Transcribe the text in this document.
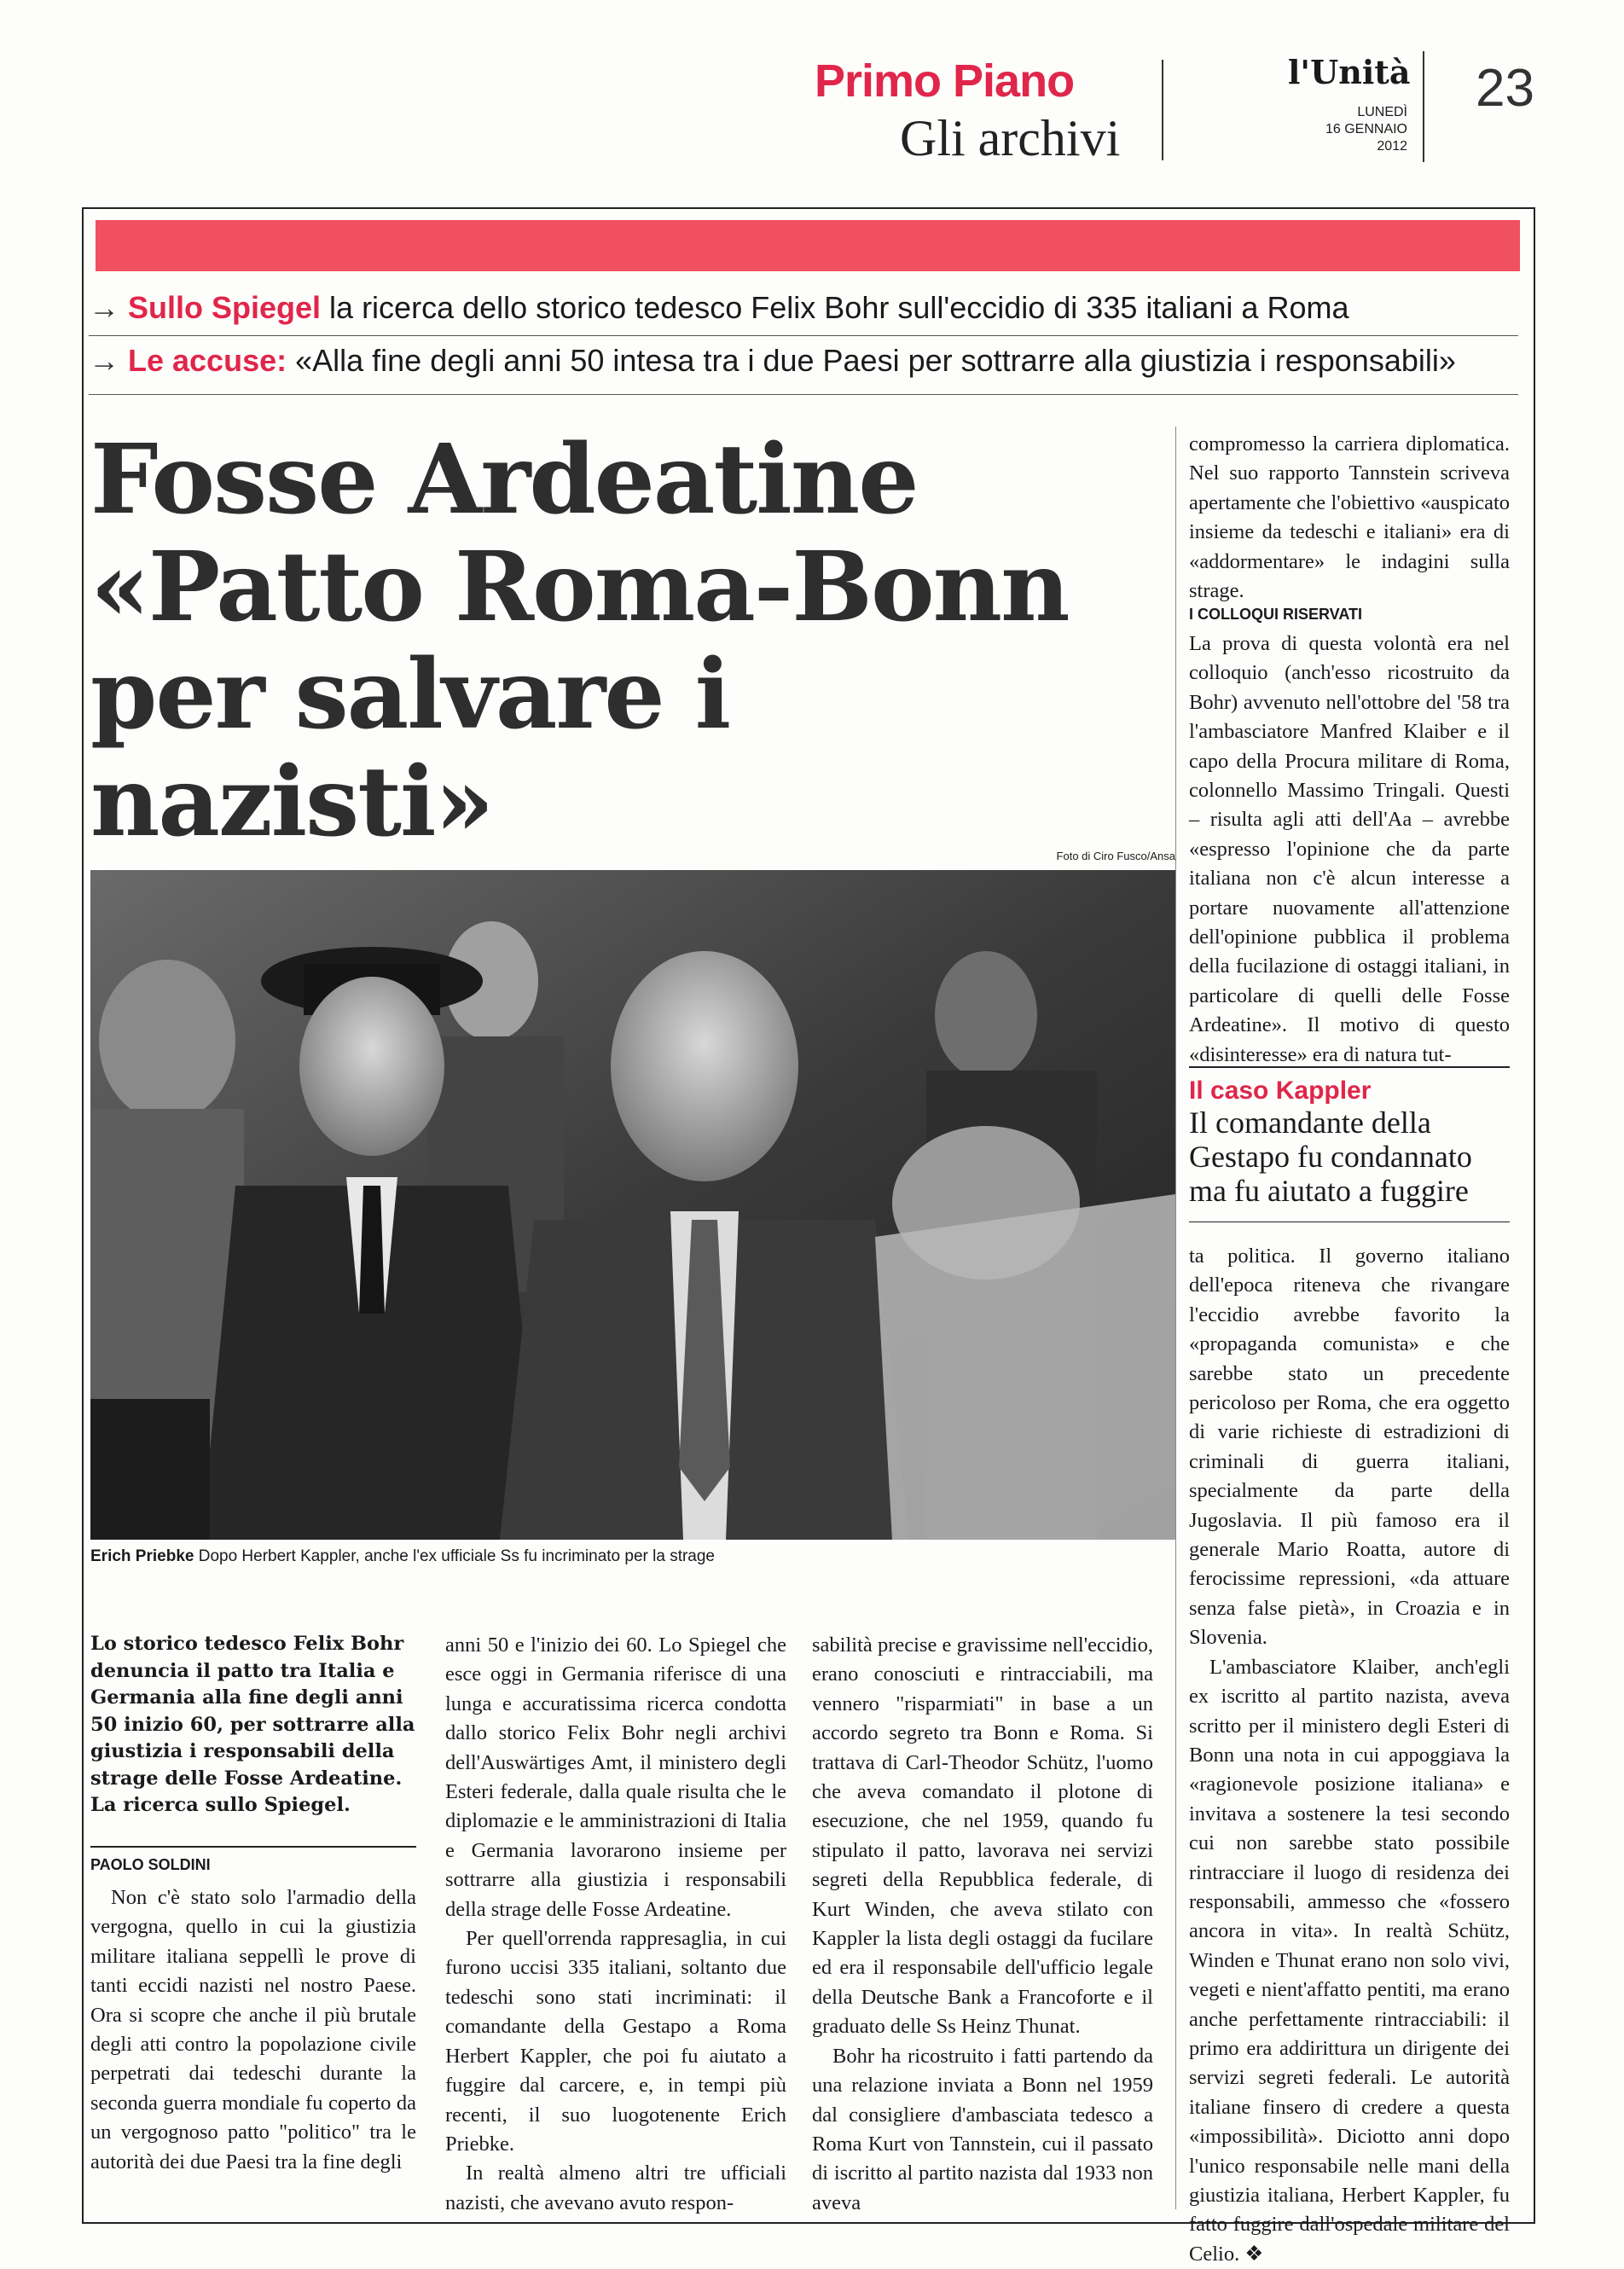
Primo Piano
Gli archivi
l'Unità
LUNEDÌ
16 GENNAIO
2012
23
→ Sullo Spiegel la ricerca dello storico tedesco Felix Bohr sull'eccidio di 335 italiani a Roma
→ Le accuse: «Alla fine degli anni 50 intesa tra i due Paesi per sottrarre alla giustizia i responsabili»
Fosse Ardeatine
«Patto Roma-Bonn
per salvare i nazisti»	Foto di Ciro Fusco/Ansa
Erich Priebke Dopo Herbert Kappler, anche l'ex ufficiale Ss fu incriminato per la strage
Lo storico tedesco Felix Bohr denuncia il patto tra Italia e Germania alla fine degli anni 50 inizio 60, per sottrarre alla giustizia i responsabili della strage delle Fosse Ardeatine. La ricerca sullo Spiegel.
PAOLO SOLDINI

Non c'è stato solo l'armadio della vergogna, quello in cui la giustizia militare italiana seppellì le prove di tanti eccidi nazisti nel nostro Paese. Ora si scopre che anche il più brutale degli atti contro la popolazione civile perpetrati dai tedeschi durante la seconda guerra mondiale fu coperto da un vergognoso patto "politico" tra le autorità dei due Paesi tra la fine degli

anni 50 e l'inizio dei 60. Lo Spiegel che esce oggi in Germania riferisce di una lunga e accuratissima ricerca condotta dallo storico Felix Bohr negli archivi dell'Auswärtiges Amt, il ministero degli Esteri federale, dalla quale risulta che le diplomazie e le amministrazioni di Italia e Germania lavorarono insieme per sottrarre alla giustizia i responsabili della strage delle Fosse Ardeatine.

Per quell'orrenda rappresaglia, in cui furono uccisi 335 italiani, soltanto due tedeschi sono stati incriminati: il comandante della Gestapo a Roma Herbert Kappler, che poi fu aiutato a fuggire dal carcere, e, in tempi più recenti, il suo luogotenente Erich Priebke.

In realtà almeno altri tre ufficiali nazisti, che avevano avuto respon-

sabilità precise e gravissime nell'eccidio, erano conosciuti e rintracciabili, ma vennero "risparmiati" in base a un accordo segreto tra Bonn e Roma. Si trattava di Carl-Theodor Schütz, l'uomo che aveva comandato il plotone di esecuzione, che nel 1959, quando fu stipulato il patto, lavorava nei servizi segreti della Repubblica federale, di Kurt Winden, che aveva stilato con Kappler la lista degli ostaggi da fucilare ed era il responsabile dell'ufficio legale della Deutsche Bank a Francoforte e il graduato delle Ss Heinz Thunat.

Bohr ha ricostruito i fatti partendo da una relazione inviata a Bonn nel 1959 dal consigliere d'ambasciata tedesco a Roma Kurt von Tannstein, cui il passato di iscritto al partito nazista dal 1933 non aveva

compromesso la carriera diplomatica. Nel suo rapporto Tannstein scriveva apertamente che l'obiettivo «auspicato insieme da tedeschi e italiani» era di «addormentare» le indagini sulla strage.

I COLLOQUI RISERVATI

La prova di questa volontà era nel colloquio (anch'esso ricostruito da Bohr) avvenuto nell'ottobre del '58 tra l'ambasciatore Manfred Klaiber e il capo della Procura militare di Roma, colonnello Massimo Tringali. Questi – risulta agli atti dell'Aa – avrebbe «espresso l'opinione che da parte italiana non c'è alcun interesse a portare nuovamente all'attenzione dell'opinione pubblica il problema della fucilazione di ostaggi italiani, in particolare di quelli delle Fosse Ardeatine». Il motivo di questo «disinteresse» era di natura tut-

Il caso Kappler
Il comandante della Gestapo fu condannato ma fu aiutato a fuggire

ta politica. Il governo italiano dell'epoca riteneva che rivangare l'eccidio avrebbe favorito la «propaganda comunista» e che sarebbe stato un precedente pericoloso per Roma, che era oggetto di varie richieste di estradizioni di criminali di guerra italiani, specialmente da parte della Jugoslavia. Il più famoso era il generale Mario Roatta, autore di ferocissime repressioni, «da attuare senza false pietà», in Croazia e in Slovenia.

L'ambasciatore Klaiber, anch'egli ex iscritto al partito nazista, aveva scritto per il ministero degli Esteri di Bonn una nota in cui appoggiava la «ragionevole posizione italiana» e invitava a sostenere la tesi secondo cui non sarebbe stato possibile rintracciare il luogo di residenza dei responsabili, ammesso che «fossero ancora in vita». In realtà Schütz, Winden e Thunat erano non solo vivi, vegeti e nient'affatto pentiti, ma erano anche perfettamente rintracciabili: il primo era addirittura un dirigente dei servizi segreti federali. Le autorità italiane finsero di credere a questa «impossibilità». Diciotto anni dopo l'unico responsabile nelle mani della giustizia italiana, Herbert Kappler, fu fatto fuggire dall'ospedale militare del Celio. ❖
